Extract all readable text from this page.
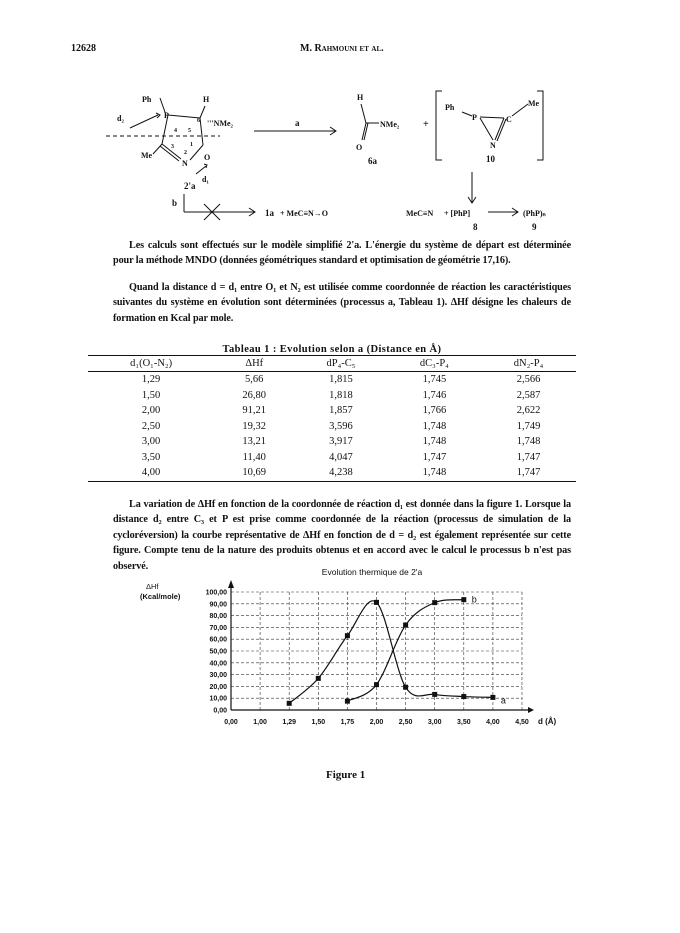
12628	M. Rahmouni et al.
Ph	H
d₂	P
'''NMe₂
4 5
3	1
2
6
Me
N
O
d₁
2'a
a
b
H
NMe₂
O
+
6a
Ph	Me
P	C
N
10
1a + MeC≡N→O	MeC≡N + [PhP]	(PhP)ₙ
8	9
Les calculs sont effectués sur le modèle simplifié 2'a. L'énergie du système de départ est déterminée pour la méthode MNDO (données géométriques standard et optimisation de géométrie 17,16).
Quand la distance d = d₁ entre O₁ et N₂ est utilisée comme coordonnée de réaction les caractéristiques suivantes du système en évolution sont déterminées (processus a, Tableau 1). ΔHf désigne les chaleurs de formation en Kcal par mole.
Tableau 1 : Evolution selon a (Distance en Å)
d₁(O₁-N₂)	ΔHf	dP₄-C₅	dC₃-P₄	dN₂-P₄
1,29	5,66	1,815	1,745	2,566
1,50	26,80	1,818	1,746	2,587
2,00	91,21	1,857	1,766	2,622
2,50	19,32	3,596	1,748	1,749
3,00	13,21	3,917	1,748	1,748
3,50	11,40	4,047	1,747	1,747
4,00	10,69	4,238	1,748	1,747
La variation de ΔHf en fonction de la coordonnée de réaction d₁ est donnée dans la figure 1. Lorsque la distance d₂ entre C₃ et P est prise comme coordonnée de la réaction (processus de simulation de la cycloréversion) la courbe représentative de ΔHf en fonction de d = d₂ est également représentée sur cette figure. Compte tenu de la nature des produits obtenus et en accord avec le calcul le processus b n'est pas observé.
Evolution thermique de 2'a
ΔHf
(Kcal/mole)
0,00
10,00
20,00
30,00
40,00
50,00
60,00
70,00
80,00
90,00
100,00
0,00 1,00 1,29 1,50 1,75 2,00 2,50 3,00 3,50 4,00 4,50 d (Å)
a
b
Figure 1
